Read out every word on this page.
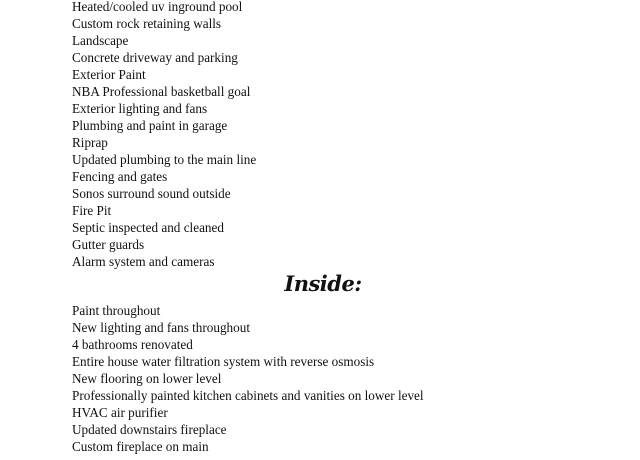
Heated/cooled uv inground pool
Custom rock retaining walls
Landscape
Concrete driveway and parking
Exterior Paint
NBA Professional basketball goal
Exterior lighting and fans
Plumbing and paint in garage
Riprap
Updated plumbing to the main line
Fencing and gates
Sonos surround sound outside
Fire Pit
Septic inspected and cleaned
Gutter guards
Alarm system and cameras
Inside:
Paint throughout
New lighting and fans throughout
4 bathrooms renovated
Entire house water filtration system with reverse osmosis
New flooring on lower level
Professionally painted kitchen cabinets and vanities on lower level
HVAC air purifier
Updated downstairs fireplace
Custom fireplace on main
